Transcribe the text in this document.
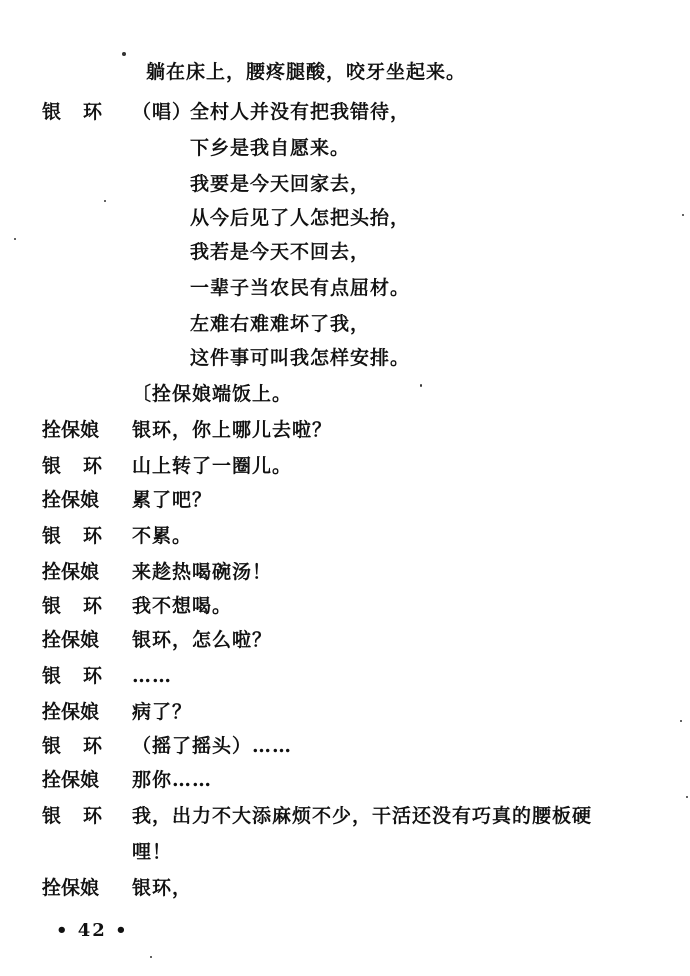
躺在床上，腰疼腿酸，咬牙坐起来。
银环 （唱）
全村人并没有把我错待，
下乡是我自愿来。
我要是今天回家去，
从今后见了人怎把头抬，
我若是今天不回去，
一辈子当农民有点屈材。
左难右难难坏了我，
这件事可叫我怎样安排。
〔拴保娘端饭上。
拴保娘 银环，你上哪儿去啦？
银环 山上转了一圈儿。
拴保娘 累了吧？
银环 不累。
拴保娘 来趁热喝碗汤！
银环 我不想喝。
拴保娘 银环，怎么啦？
银环 ……
拴保娘 病了？
银环 （摇了摇头）……
拴保娘 那你……
银环 我，出力不大添麻烦不少，干活还没有巧真的腰板硬
哩！
拴保娘 银环，
• 42 •
